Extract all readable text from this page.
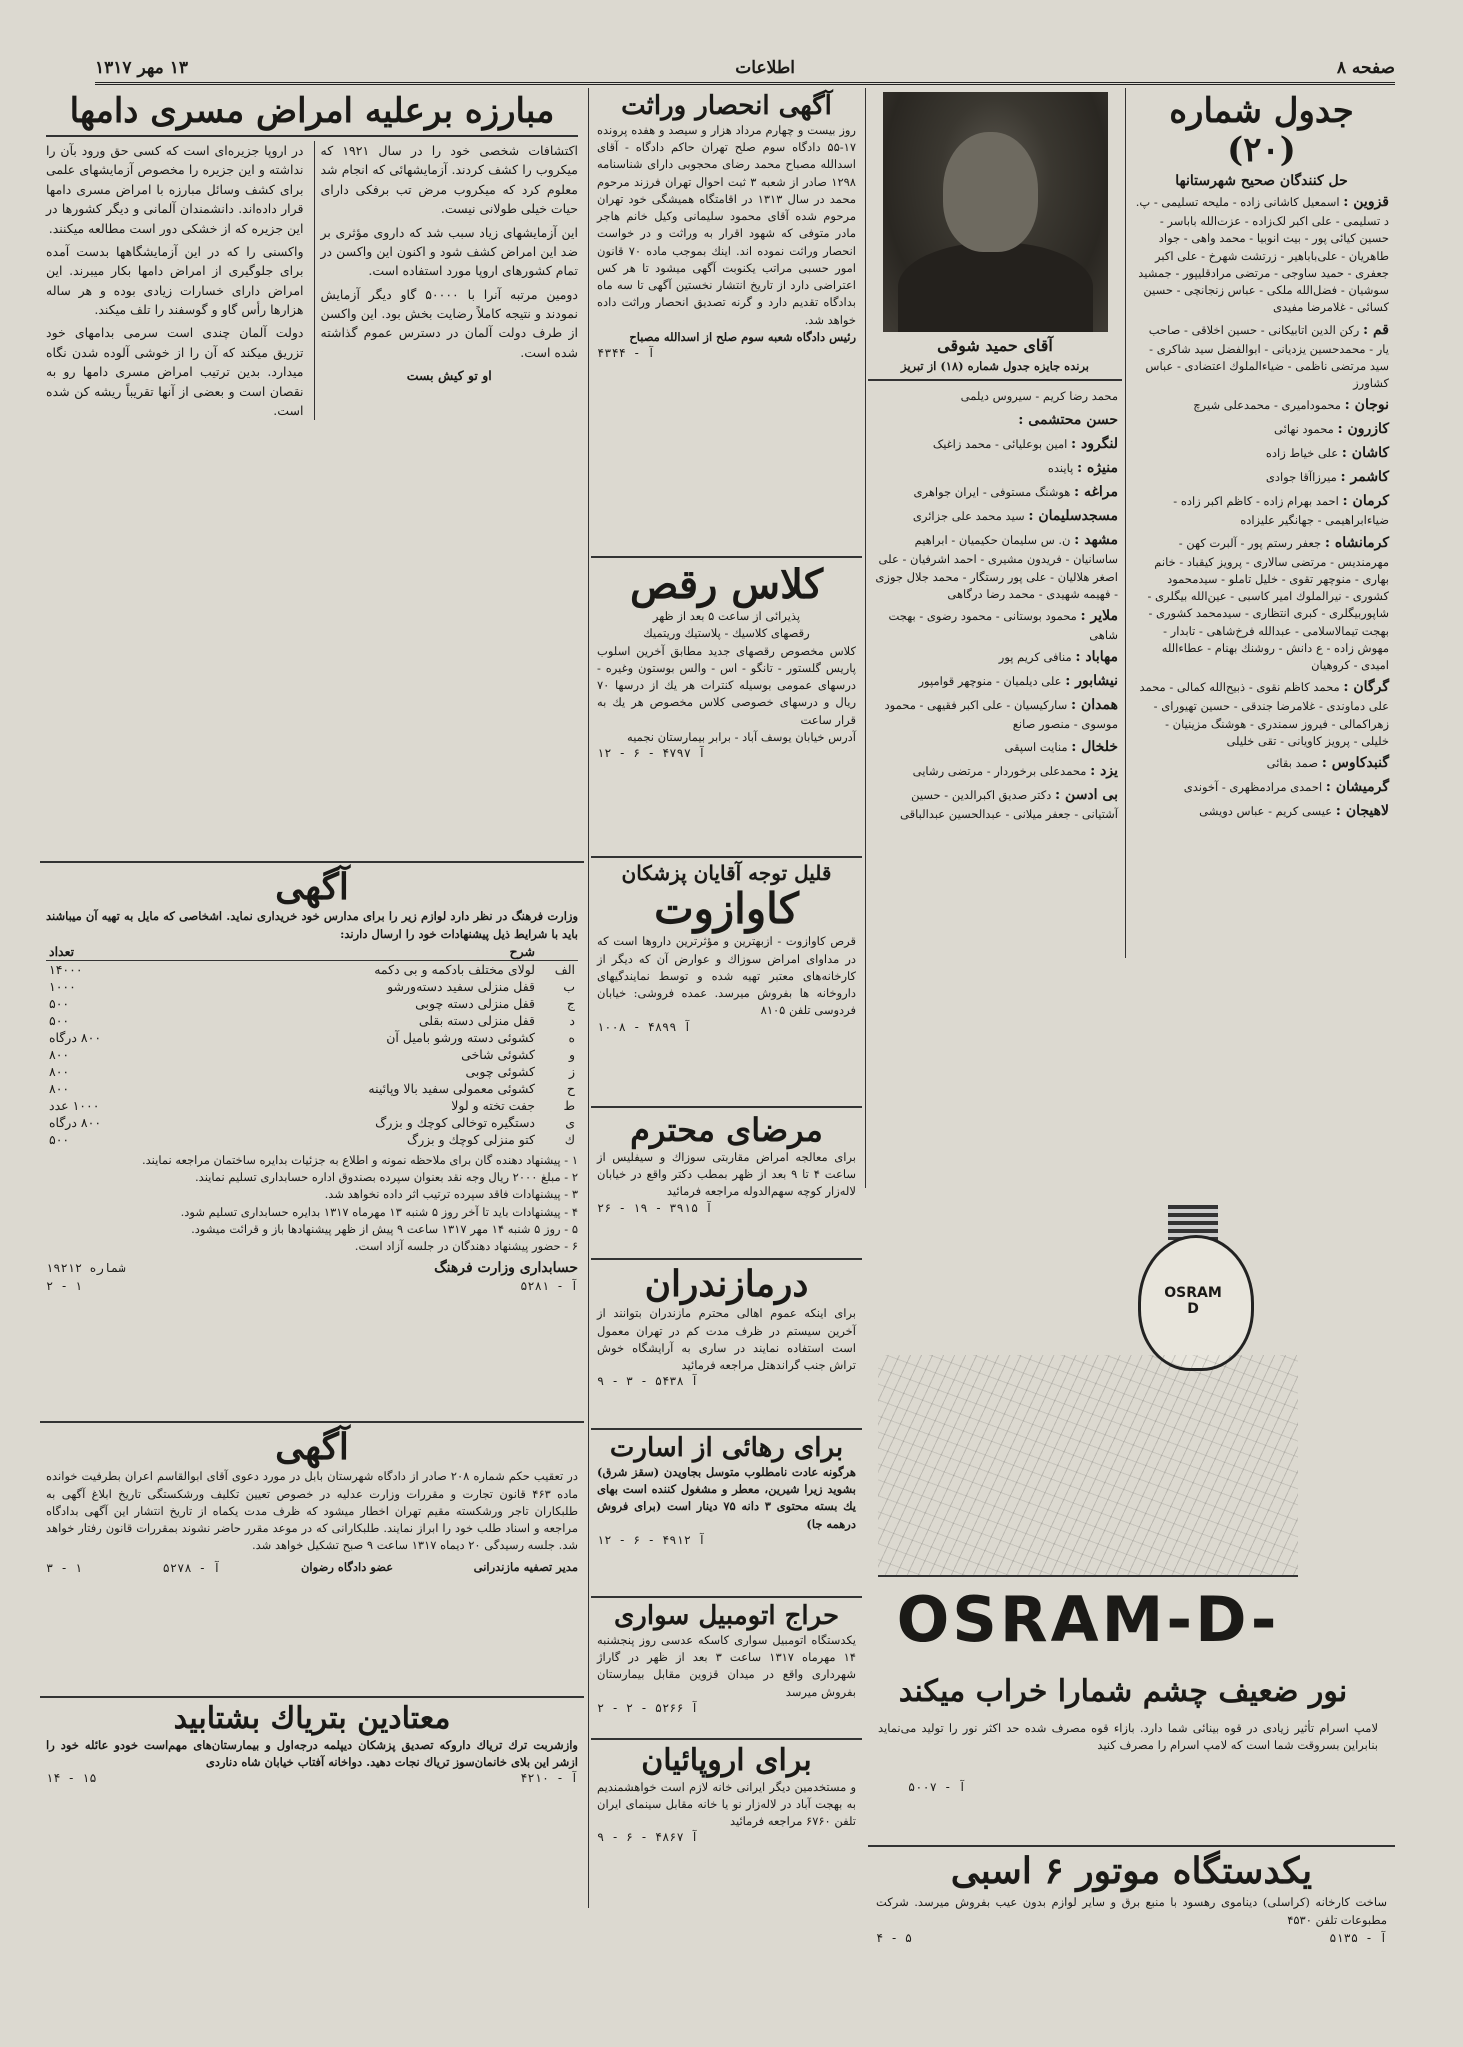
صفحه ۸
اطلاعات
۱۳ مهر ۱۳۱۷
جدول شماره (۲۰)
حل کنندگان صحیح شهرستانها
قزوین : اسمعیل کاشانی زاده - ملیحه تسلیمی - پ. د تسلیمی - علی اکبر لک‌زاده - عزت‌الله باباسر - حسین کیائی پور - بیت انوبیا - محمد واهی - جواد طاهریان - علی‌باباهیر - زرتشت شهرخ - علی اکبر جعفری - حمید ساوجی - مرتضی مرادقلیپور - جمشید سوشیان - فضل‌الله ملکی - عباس زنجانچی - حسین کسائی - غلامرضا مفیدی
قم : رکن الدین اتابیکانی - حسین اخلاقی - صاحب یار - محمدحسین یزدیانی - ابوالفضل سید شاکری - سید مرتضی ناظمی - ضیاءالملوك اعتضادی - عباس کشاورز
نوجان : محمودامیری - محمدعلی شیرچ
کازرون : محمود نهائی
کاشان : علی خیاط زاده
کاشمر : میرزاآقا جوادی
کرمان : احمد بهرام زاده - کاظم اکبر زاده - ضیاءابراهیمی - جهانگیر علیزاده
کرمانشاه : جعفر رستم پور - آلبرت کهن - مهرمندیس - مرتضی سالاری - پرویز کیقباد - خانم بهاری - منوچهر تقوی - خلیل تاملو - سیدمحمود کشوری - نیرالملوك امیر کاسبی - عین‌الله بیگلری - شاپوربیگلری - کبری انتظاری - سیدمحمد کشوری - بهجت تیمالاسلامی - عبدالله فرخ‌شاهی - تابدار - مهوش زاده - ع دانش - روشنك بهنام - عطاءالله امیدی - کروهیان
گرگان : محمد کاظم نقوی - ذبیح‌الله کمالی - محمد علی دماوندی - غلامرضا جندقی - حسین تهیورای - زهراکمالی - فیروز سمندری - هوشنگ مزینیان - خلیلی - پرویز کاویانی - تقی خلیلی
گنبدکاوس : صمد بقائی
گرمیشان : احمدی مرادمظهری - آخوندی
لاهیجان : عیسی کریم - عباس دویشی
آقای حمید شوقی
برنده جایزه جدول شماره (۱۸) از تبریز
محمد رضا کریم - سیروس دیلمی
حسن محتشمی :
لنگرود : امین بوعلیائی - محمد زاغیک
منیژه : پاینده
مراغه : هوشنگ مستوفی - ایران جواهری
مسجدسلیمان : سید محمد علی جزائری
مشهد : ن. س سلیمان حکیمیان - ابراهیم ساسانیان - فریدون مشیری - احمد اشرفیان - علی اصغر هلالیان - علی پور رستگار - محمد جلال جوزی - فهیمه شهیدی - محمد رضا درگاهی
ملایر : محمود بوستانی - محمود رضوی - بهجت شاهی
مهاباد : منافی کریم پور
نیشابور : علی دیلمیان - منوچهر قوامپور
همدان : سارکیسیان - علی اکبر فقیهی - محمود موسوی - منصور صانع
خلخال : منایت اسپقی
یزد : محمدعلی برخوردار - مرتضی رشایی
بی ادسن : دکتر صدیق اکبرالدین - حسین آشتیانی - جعفر میلانی - عبدالحسین عبدالباقی
آگهی انحصار وراثت
روز بیست و چهارم مرداد هزار و سیصد و هفده پرونده ۱۷-۵۵ دادگاه سوم صلح تهران حاکم دادگاه - آقای اسدالله مصباح محمد رضای محجوبی دارای شناسنامه ۱۲۹۸ صادر از شعبه ۳ ثبت احوال تهران فرزند مرحوم محمد در سال ۱۳۱۳ در اقامتگاه همیشگی خود تهران مرحوم شده آقای محمود سلیمانی وکیل خانم هاجر مادر متوفی که شهود اقرار به وراثت و در خواست انحصار وراثت نموده اند. اینك بموجب ماده ۷۰ قانون امور حسبی مراتب یکنوبت آگهی میشود تا هر کس اعتراضی دارد از تاریخ انتشار نخستین آگهی تا سه ماه بدادگاه تقدیم دارد و گرنه تصدیق انحصار وراثت داده خواهد شد.
رئیس دادگاه شعبه سوم صلح از اسدالله مصباح
آ - ۴۳۴۴
کلاس رقص
پذیرائی از ساعت ۵ بعد از ظهر
رقصهای کلاسیك - پلاستیك وریتمیك
کلاس مخصوص رقصهای جدید مطابق آخرین اسلوب پاریس گلستور - تانگو - اس - والس بوستون وغیره - درسهای عمومی بوسیله کنترات هر یك از درسها ۷۰ ریال و درسهای خصوصی کلاس مخصوص هر یك به قرار ساعت
آدرس خیابان یوسف آباد - برابر بیمارستان نجمیه
آ ۴۷۹۷ - ۶ - ۱۲
قلیل توجه آقایان پزشکان
کاوازوت
قرص کاوازوت - ازبهترین و مؤثرترین داروها است که در مداوای امراض سوزاك و عوارض آن که دیگر از کارخانه‌های معتبر تهیه شده و توسط نمایندگیهای داروخانه ها بفروش میرسد. عمده فروشی: خیابان فردوسی تلفن ۸۱۰۵
آ ۴۸۹۹ - ۱۰۰۸
مرضای محترم
برای معالجه امراض مقاربتی سوزاك و سیفلیس از ساعت ۴ تا ۹ بعد از ظهر بمطب دکتر واقع در خیابان لاله‌زار کوچه سهم‌الدوله مراجعه فرمائید
آ ۳۹۱۵ - ۱۹ - ۲۶
درمازندران
برای اینکه عموم اهالی محترم مازندران بتوانند از آخرین سیستم در ظرف مدت کم در تهران معمول است استفاده نمایند در ساری به آرایشگاه خوش تراش جنب گراندهتل مراجعه فرمائید
آ ۵۴۳۸ - ۳ - ۹
برای رهائی از اسارت
هرگونه عادت نامطلوب متوسل بجاویدن (سقز شرق) بشوید زیرا شیرین، معطر و مشغول کننده است بهای یك بسته محتوی ۳ دانه ۷۵ دینار است (برای فروش درهمه جا)
آ ۴۹۱۲ - ۶ - ۱۲
حراج اتومبیل سواری
یکدستگاه اتومبیل سواری کاسکه عدسی روز پنجشنبه ۱۴ مهرماه ۱۳۱۷ ساعت ۳ بعد از ظهر در گاراژ شهرداری واقع در میدان قزوین مقابل بیمارستان بفروش میرسد
آ ۵۲۶۶ - ۲ - ۲
برای اروپائیان
و مستخدمین دیگر ایرانی خانه لازم است خواهشمندیم به بهجت آباد در لاله‌زار نو یا خانه مقابل سینمای ایران تلفن ۶۷۶۰ مراجعه فرمائید
آ ۴۸۶۷ - ۶ - ۹
مبارزه برعلیه امراض مسری دامها

اکتشافات شخصی خود را در سال ۱۹۲۱ که میکروب را کشف کردند. آزمایشهائی که انجام شد معلوم کرد که میکروب مرض تب برفکی دارای حیات خیلی طولانی نیست.

این آزمایشهای زیاد سبب شد که داروی مؤثری بر ضد این امراض کشف شود و اکنون این واکسن در تمام کشورهای اروپا مورد استفاده است.

دومین مرتبه آنرا با ۵۰۰۰۰ گاو دیگر آزمایش نمودند و نتیجه کاملاً رضایت بخش بود. این واکسن از طرف دولت آلمان در دسترس عموم گذاشته شده است.

او تو کیش بست

در اروپا جزیره‌ای است که کسی حق ورود بآن را نداشته و این جزیره را مخصوص آزمایشهای علمی برای کشف وسائل مبارزه با امراض مسری دامها قرار داده‌اند. دانشمندان آلمانی و دیگر کشورها در این جزیره که از خشکی دور است مطالعه میکنند.

واکسنی را که در این آزمایشگاهها بدست آمده برای جلوگیری از امراض دامها بکار میبرند. این امراض دارای خسارات زیادی بوده و هر ساله هزارها رأس گاو و گوسفند را تلف میکند.

دولت آلمان چندی است سرمی بدامهای خود تزریق میکند که آن را از خوشی آلوده شدن نگاه میدارد. بدین ترتیب امراض مسری دامها رو به نقصان است و بعضی از آنها تقریباً ریشه کن شده است.

آگهی
وزارت فرهنگ در نظر دارد لوازم زیر را برای مدارس خود خریداری نماید. اشخاصی که مایل به تهیه آن میباشند باید با شرایط ذیل پیشنهادات خود را ارسال دارند:
	شرح	تعداد
الف	لولای مختلف بادکمه و بی دکمه	۱۴۰۰۰
ب	قفل منزلی سفید دسته‌ورشو	۱۰۰۰
ج	قفل منزلی دسته چوبی	۵۰۰
د	قفل منزلی دسته بقلی	۵۰۰
ه	کشوئی دسته ورشو بامیل آن	۸۰۰ درگاه
و	کشوئی شاخی	۸۰۰
ز	کشوئی چوبی	۸۰۰
ح	کشوئی معمولی سفید بالا وپائینه	۸۰۰
ط	جفت تخته و لولا	۱۰۰۰ عدد
ی	دستگیره توخالی کوچك و بزرگ	۸۰۰ درگاه
ك	کتو منزلی کوچك و بزرگ	۵۰۰
۱ - پیشنهاد دهنده گان برای ملاحظه نمونه و اطلاع به جزئیات بدایره ساختمان مراجعه نمایند.
۲ - مبلغ ۲۰۰۰ ریال وجه نقد بعنوان سپرده بصندوق اداره حسابداری تسلیم نمایند.
۳ - پیشنهادات فاقد سپرده ترتیب اثر داده نخواهد شد.
۴ - پیشنهادات باید تا آخر روز ۵ شنبه ۱۳ مهرماه ۱۳۱۷ بدایره حسابداری تسلیم شود.
۵ - روز ۵ شنبه ۱۴ مهر ۱۳۱۷ ساعت ۹ پیش از ظهر پیشنهادها باز و قرائت میشود.
۶ - حضور پیشنهاد دهندگان در جلسه آزاد است.
حسابداری وزارت فرهنگ
شماره ۱۹۲۱۲
آ - ۵۲۸۱
۲ - ۱
آگهی
در تعقیب حکم شماره ۲۰۸ صادر از دادگاه شهرستان بابل در مورد دعوی آقای ابوالقاسم اعران بطرفیت خوانده ماده ۴۶۳ قانون تجارت و مقررات وزارت عدلیه در خصوص تعیین تکلیف ورشکستگی تاریخ ابلاغ آگهی به طلبکاران تاجر ورشکسته مقیم تهران اخطار میشود که ظرف مدت یکماه از تاریخ انتشار این آگهی بدادگاه مراجعه و اسناد طلب خود را ابراز نمایند. طلبکارانی که در موعد مقرر حاضر نشوند بمقررات قانون رفتار خواهد شد. جلسه رسیدگی ۲۰ دیماه ۱۳۱۷ ساعت ۹ صبح تشکیل خواهد شد.
مدیر تصفیه مازندرانی
عضو دادگاه رضوان
آ - ۵۲۷۸
۳ - ۱
معتادین بتریاك بشتابید
وازشربت ترك تریاك داروکه تصدیق پزشکان دیپلمه درجه‌اول و بیمارستان‌های مهم‌است خودو عائله خود را ازشر این بلای خانمان‌سوز تریاك نجات دهید. دواخانه آفتاب خیابان شاه دناردی
آ - ۴۲۱۰
۱۴ - ۱۵
OSRAM D
OSRAM-D-
نور ضعیف چشم شمارا خراب میکند
لامپ اسرام تأثیر زیادی در قوه بینائی شما دارد. بازاء قوه مصرف شده حد اکثر نور را تولید می‌نماید بنابراین بسروقت شما است که لامپ اسرام را مصرف کنید
آ - ۵۰۰۷
یکدستگاه موتور ۶ اسبی
ساخت کارخانه (کراسلی) دیناموی رهسود با منبع برق و سایر لوازم بدون عیب بفروش میرسد. شرکت مطبوعات تلفن ۴۵۳۰
آ - ۵۱۳۵
۴ - ۵
